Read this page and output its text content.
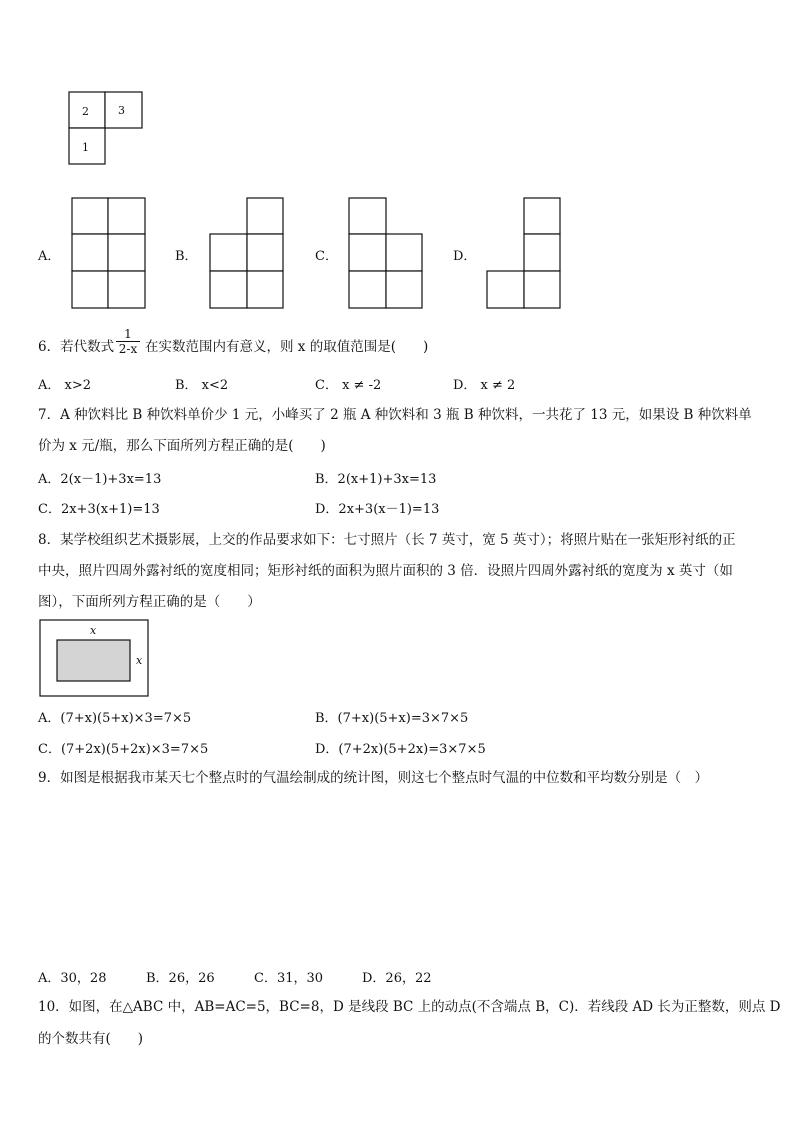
2	3
1
A．	B．	C．	D．
6．若代数式 $\frac{1}{2-x}$ 在实数范围内有意义，则 x 的取值范围是(　　)
A． x>2	B． x<2	C． x ≠ -2	D． x ≠ 2
7．A 种饮料比 B 种饮料单价少 1 元，小峰买了 2 瓶 A 种饮料和 3 瓶 B 种饮料，一共花了 13 元，如果设 B 种饮料单
价为 x 元/瓶，那么下面所列方程正确的是(　　)
A．2(x－1)+3x=13	B．2(x+1)+3x=13
C．2x+3(x+1)=13	D．2x+3(x－1)=13
8．某学校组织艺术摄影展，上交的作品要求如下：七寸照片（长 7 英寸，宽 5 英寸）；将照片贴在一张矩形衬纸的正
中央，照片四周外露衬纸的宽度相同；矩形衬纸的面积为照片面积的 3 倍．设照片四周外露衬纸的宽度为 x 英寸（如
图），下面所列方程正确的是（　　）
x
x
A．(7+x)(5+x)×3=7×5	B．(7+x)(5+x)=3×7×5
C．(7+2x)(5+2x)×3=7×5	D．(7+2x)(5+2x)=3×7×5
9．如图是根据我市某天七个整点时的气温绘制成的统计图，则这七个整点时气温的中位数和平均数分别是（　）
A．30，28	B．26，26	C．31，30	D．26，22
10．如图，在△ABC 中，AB=AC=5，BC=8，D 是线段 BC 上的动点(不含端点 B，C)．若线段 AD 长为正整数，则点 D
的个数共有(　　)
